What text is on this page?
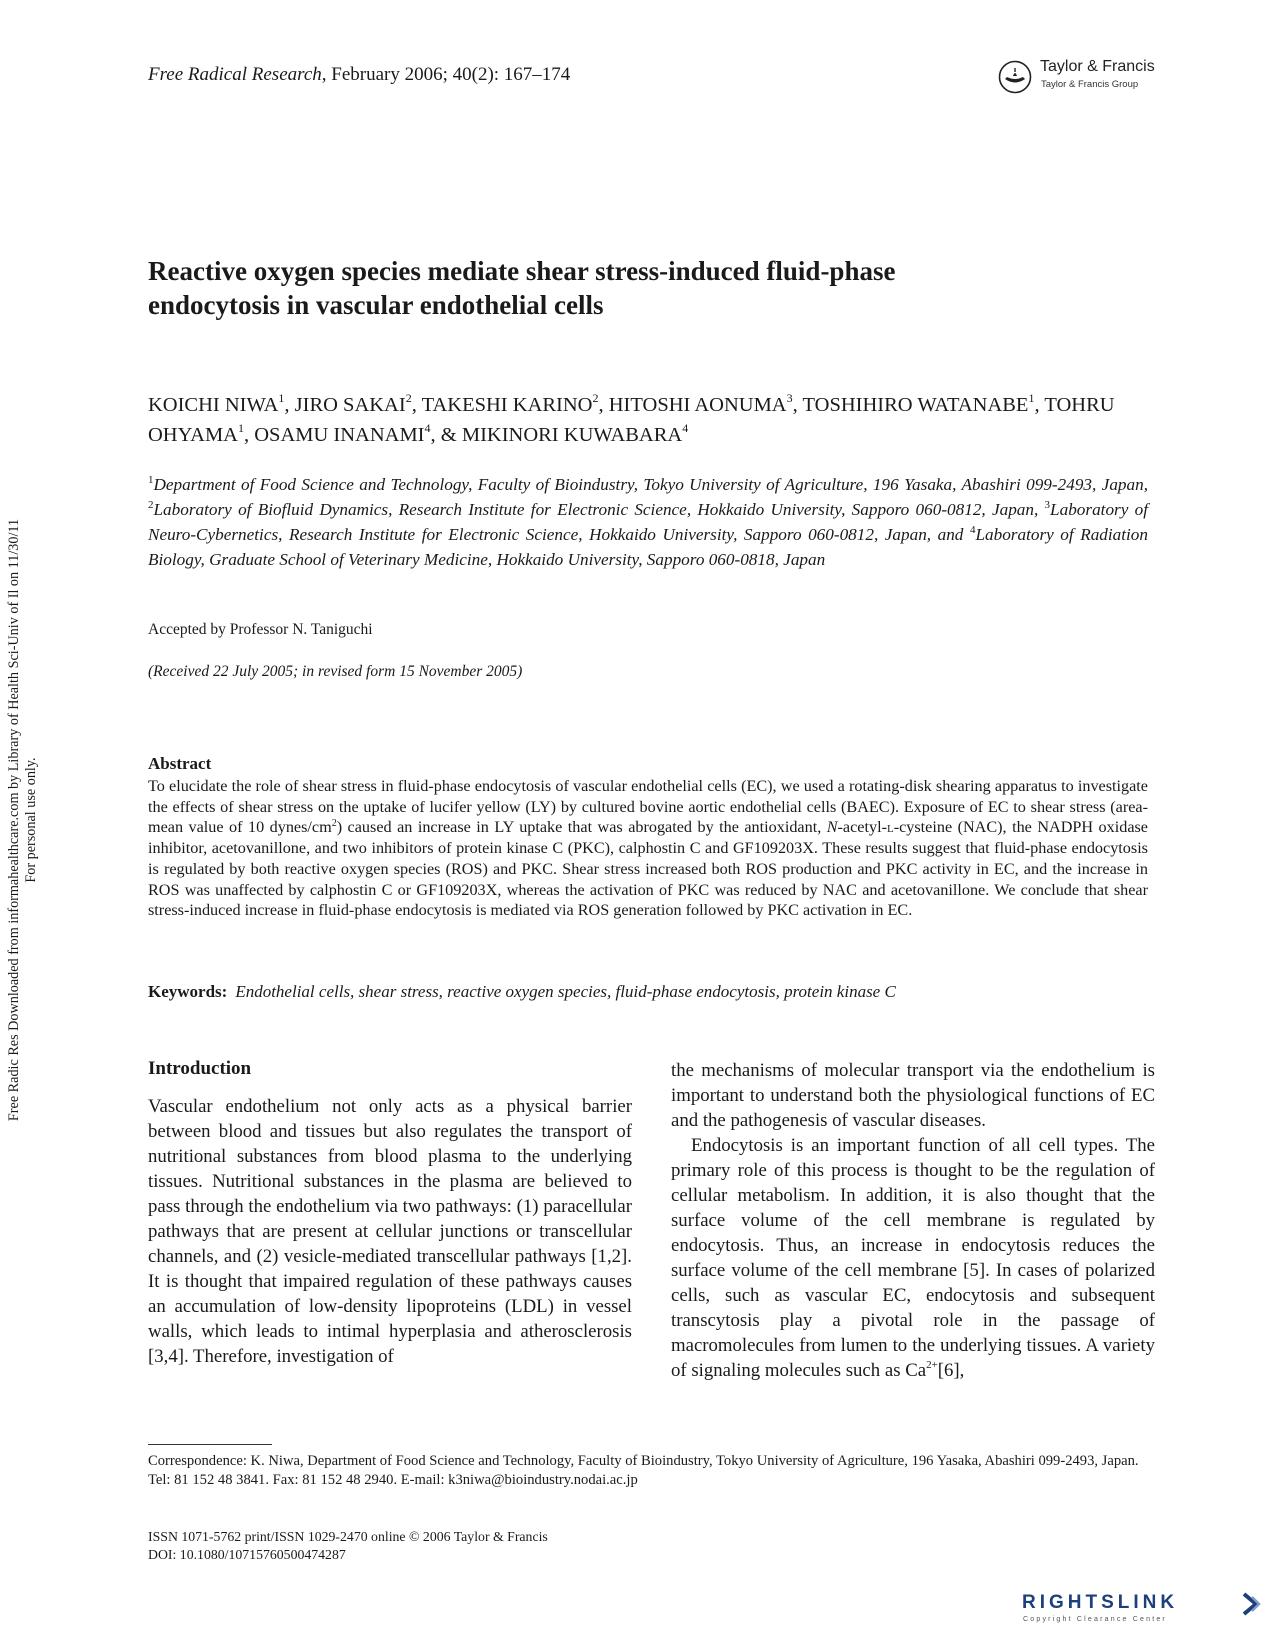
Free Radical Research, February 2006; 40(2): 167–174	Taylor & Francis
Taylor & Francis Group
Reactive oxygen species mediate shear stress-induced fluid-phase
endocytosis in vascular endothelial cells
KOICHI NIWA$^1$, JIRO SAKAI$^2$, TAKESHI KARINO$^2$, HITOSHI AONUMA$^3$, TOSHIHIRO WATANABE$^1$, TOHRU OHYAMA$^1$, OSAMU INANAMI$^4$, & MIKINORI KUWABARA$^4$
$^1$Department of Food Science and Technology, Faculty of Bioindustry, Tokyo University of Agriculture, 196 Yasaka, Abashiri 099-2493, Japan, $^2$Laboratory of Biofluid Dynamics, Research Institute for Electronic Science, Hokkaido University, Sapporo 060-0812, Japan, $^3$Laboratory of Neuro-Cybernetics, Research Institute for Electronic Science, Hokkaido University, Sapporo 060-0812, Japan, and $^4$Laboratory of Radiation Biology, Graduate School of Veterinary Medicine, Hokkaido University, Sapporo 060-0818, Japan
Accepted by Professor N. Taniguchi
(Received 22 July 2005; in revised form 15 November 2005)
Abstract
To elucidate the role of shear stress in fluid-phase endocytosis of vascular endothelial cells (EC), we used a rotating-disk shearing apparatus to investigate the effects of shear stress on the uptake of lucifer yellow (LY) by cultured bovine aortic endothelial cells (BAEC). Exposure of EC to shear stress (area-mean value of 10 dynes/$cm^2$) caused an increase in LY uptake that was abrogated by the antioxidant, N-acetyl-l-cysteine (NAC), the NADPH oxidase inhibitor, acetovanillone, and two inhibitors of protein kinase C (PKC), calphostin C and GF109203X. These results suggest that fluid-phase endocytosis is regulated by both reactive oxygen species (ROS) and PKC. Shear stress increased both ROS production and PKC activity in EC, and the increase in ROS was unaffected by calphostin C or GF109203X, whereas the activation of PKC was reduced by NAC and acetovanillone. We conclude that shear stress-induced increase in fluid-phase endocytosis is mediated via ROS generation followed by PKC activation in EC.
Keywords: Endothelial cells, shear stress, reactive oxygen species, fluid-phase endocytosis, protein kinase C
Introduction

Vascular endothelium not only acts as a physical barrier between blood and tissues but also regulates the transport of nutritional substances from blood plasma to the underlying tissues. Nutritional substances in the plasma are believed to pass through the endothelium via two pathways: (1) paracellular pathways that are present at cellular junctions or transcellular channels, and (2) vesicle-mediated transcellular pathways [1,2]. It is thought that impaired regulation of these pathways causes an accumulation of low-density lipoproteins (LDL) in vessel walls, which leads to intimal hyperplasia and atherosclerosis [3,4]. Therefore, investigation of

the mechanisms of molecular transport via the endothelium is important to understand both the physiological functions of EC and the pathogenesis of vascular diseases.

Endocytosis is an important function of all cell types. The primary role of this process is thought to be the regulation of cellular metabolism. In addition, it is also thought that the surface volume of the cell membrane is regulated by endocytosis. Thus, an increase in endocytosis reduces the surface volume of the cell membrane [5]. In cases of polarized cells, such as vascular EC, endocytosis and subsequent transcytosis play a pivotal role in the passage of macromolecules from lumen to the underlying tissues. A variety of signaling molecules such as $Ca^{2+}[6]$,

Correspondence: K. Niwa, Department of Food Science and Technology, Faculty of Bioindustry, Tokyo University of Agriculture, 196 Yasaka, Abashiri 099-2493, Japan. Tel: 81 152 48 3841. Fax: 81 152 48 2940. E-mail: k3niwa@bioindustry.nodai.ac.jp
ISSN 1071-5762 print/ISSN 1029-2470 online © 2006 Taylor & Francis
DOI: 10.1080/10715760500474287
Free Radic Res Downloaded from informahealthcare.com by Library of Health Sci-Univ of Il on 11/30/11 For personal use only.
RIGHTSLINK
Copyright Clearance Center
